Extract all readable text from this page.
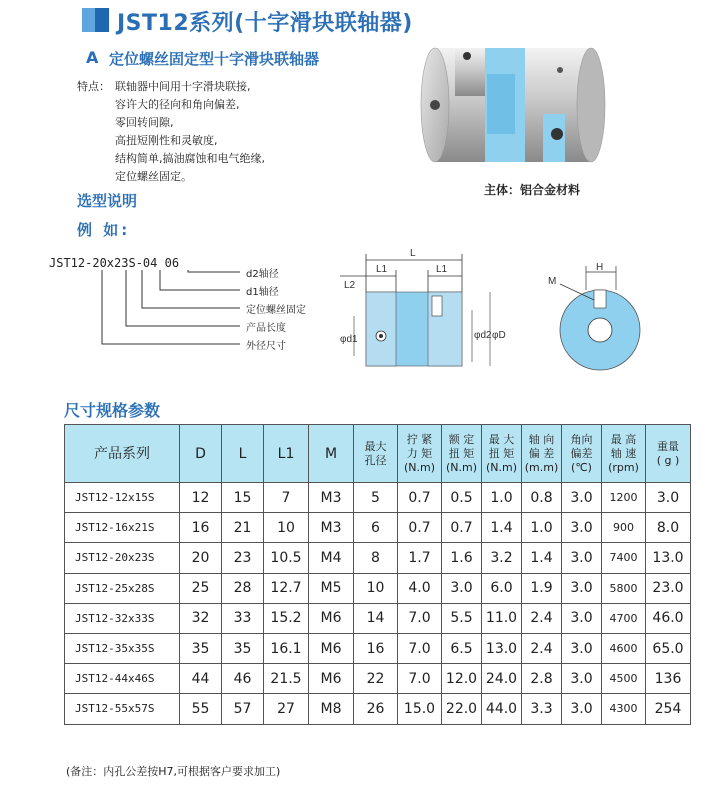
JST12系列(十字滑块联轴器)
A 定位螺丝固定型十字滑块联轴器
特点： 联轴器中间用十字滑块联接,
容许大的径向和角向偏差,
零回转间隙,
高扭短刚性和灵敏度,
结构简单,搞油腐蚀和电气绝缘,
定位螺丝固定。
主体：铝合金材料
选型说明
例 如:
JST12-20x23S-04 06
d2轴径
d1轴径
定位螺丝固定
产品长度
外径尺寸
L
L1	L1
L2
φd1	φd2 φD
M
H
尺寸规格参数
产品系列	D	L	L1	M	最大
孔径	拧 紧
力 矩
(N.m)	额 定
扭 矩
(N.m)	最 大
扭 矩
(N.m)	轴 向
偏 差
(m.m)	角向
偏差
(℃)	最 高
轴 速
(rpm)	重量
( g )
JST12-12x15S	12	15	7	M3	5	0.7	0.5	1.0	0.8	3.0	1200	3.0
JST12-16x21S	16	21	10	M3	6	0.7	0.7	1.4	1.0	3.0	900	8.0
JST12-20x23S	20	23	10.5	M4	8	1.7	1.6	3.2	1.4	3.0	7400	13.0
JST12-25x28S	25	28	12.7	M5	10	4.0	3.0	6.0	1.9	3.0	5800	23.0
JST12-32x33S	32	33	15.2	M6	14	7.0	5.5	11.0	2.4	3.0	4700	46.0
JST12-35x35S	35	35	16.1	M6	16	7.0	6.5	13.0	2.4	3.0	4600	65.0
JST12-44x46S	44	46	21.5	M6	22	7.0	12.0	24.0	2.8	3.0	4500	136
JST12-55x57S	55	57	27	M8	26	15.0	22.0	44.0	3.3	3.0	4300	254
(备注：内孔公差按H7,可根据客户要求加工)
